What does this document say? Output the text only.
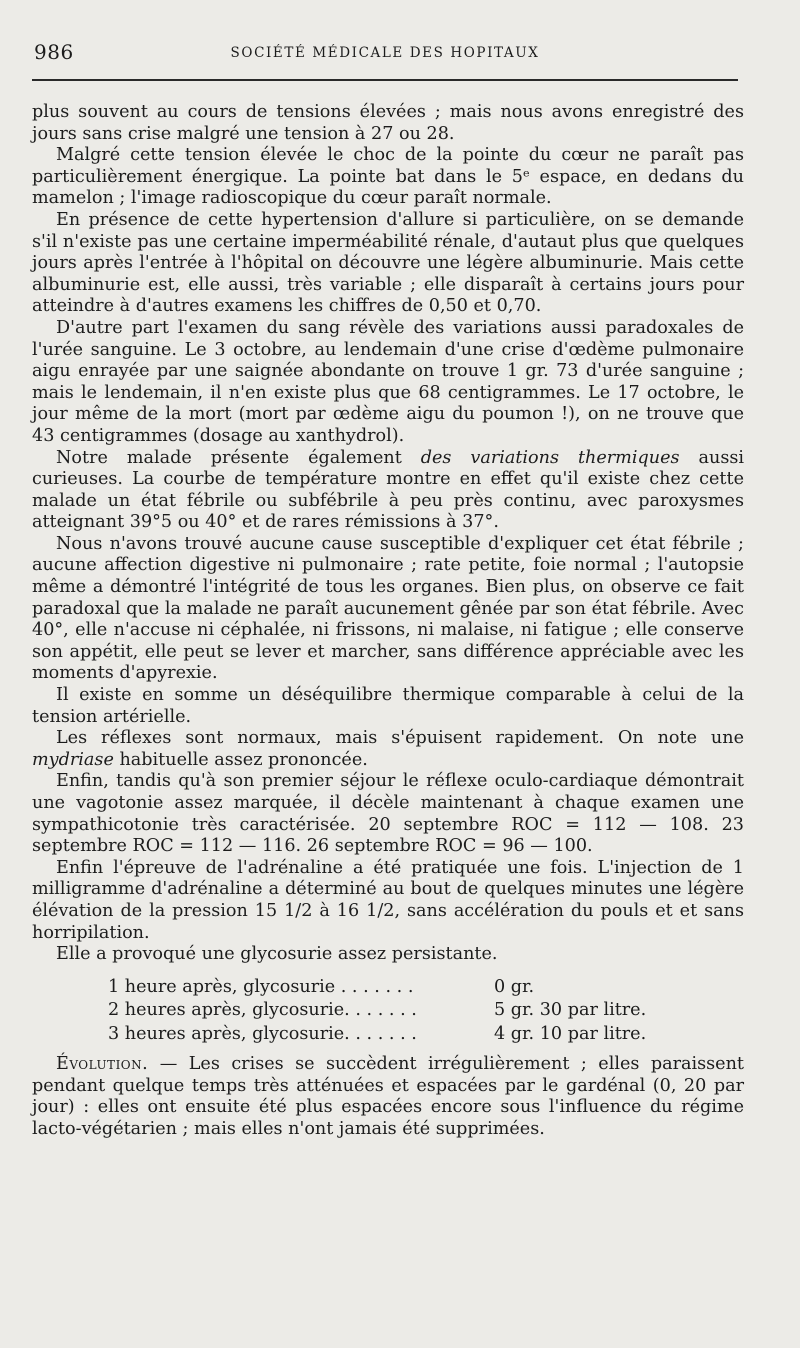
986	SOCIÉTÉ MÉDICALE DES HOPITAUX

plus souvent au cours de tensions élevées ; mais nous avons enregistré des jours sans crise malgré une tension à 27 ou 28.

Malgré cette tension élevée le choc de la pointe du cœur ne paraît pas particulièrement énergique. La pointe bat dans le 5ᵉ espace, en dedans du mamelon ; l'image radioscopique du cœur paraît normale.

En présence de cette hypertension d'allure si particulière, on se demande s'il n'existe pas une certaine imperméabilité rénale, d'autaut plus que quelques jours après l'entrée à l'hôpital on découvre une légère albuminurie. Mais cette albuminurie est, elle aussi, très variable ; elle disparaît à certains jours pour atteindre à d'autres examens les chiffres de 0,50 et 0,70.

D'autre part l'examen du sang révèle des variations aussi paradoxales de l'urée sanguine. Le 3 octobre, au lendemain d'une crise d'œdème pulmonaire aigu enrayée par une saignée abondante on trouve 1 gr. 73 d'urée sanguine ; mais le lendemain, il n'en existe plus que 68 centigrammes. Le 17 octobre, le jour même de la mort (mort par œdème aigu du poumon !), on ne trouve que 43 centigrammes (dosage au xanthydrol).

Notre malade présente également des variations thermiques aussi curieuses. La courbe de température montre en effet qu'il existe chez cette malade un état fébrile ou subfébrile à peu près continu, avec paroxysmes atteignant 39°5 ou 40° et de rares rémissions à 37°.

Nous n'avons trouvé aucune cause susceptible d'expliquer cet état fébrile ; aucune affection digestive ni pulmonaire ; rate petite, foie normal ; l'autopsie même a démontré l'intégrité de tous les organes. Bien plus, on observe ce fait paradoxal que la malade ne paraît aucunement gênée par son état fébrile. Avec 40°, elle n'accuse ni céphalée, ni frissons, ni malaise, ni fatigue ; elle conserve son appétit, elle peut se lever et marcher, sans différence appréciable avec les moments d'apyrexie.

Il existe en somme un déséquilibre thermique comparable à celui de la tension artérielle.

Les réflexes sont normaux, mais s'épuisent rapidement. On note une mydriase habituelle assez prononcée.

Enfin, tandis qu'à son premier séjour le réflexe oculo-cardiaque démontrait une vagotonie assez marquée, il décèle maintenant à chaque examen une sympathicotonie très caractérisée. 20 septembre ROC = 112 — 108. 23 septembre ROC = 112 — 116. 26 septembre ROC = 96 — 100.

Enfin l'épreuve de l'adrénaline a été pratiquée une fois. L'injection de 1 milligramme d'adrénaline a déterminé au bout de quelques minutes une légère élévation de la pression 15 1/2 à 16 1/2, sans accélération du pouls et et sans horripilation.

Elle a provoqué une glycosurie assez persistante.

1 heure après, glycosurie . . . . . . .	0 gr.
2 heures après, glycosurie. . . . . . .	5 gr. 30 par litre.
3 heures après, glycosurie. . . . . . .	4 gr. 10 par litre.

Évolution. — Les crises se succèdent irrégulièrement ; elles paraissent pendant quelque temps très atténuées et espacées par le gardénal (0, 20 par jour) : elles ont ensuite été plus espacées encore sous l'influence du régime lacto-végétarien ; mais elles n'ont jamais été supprimées.
